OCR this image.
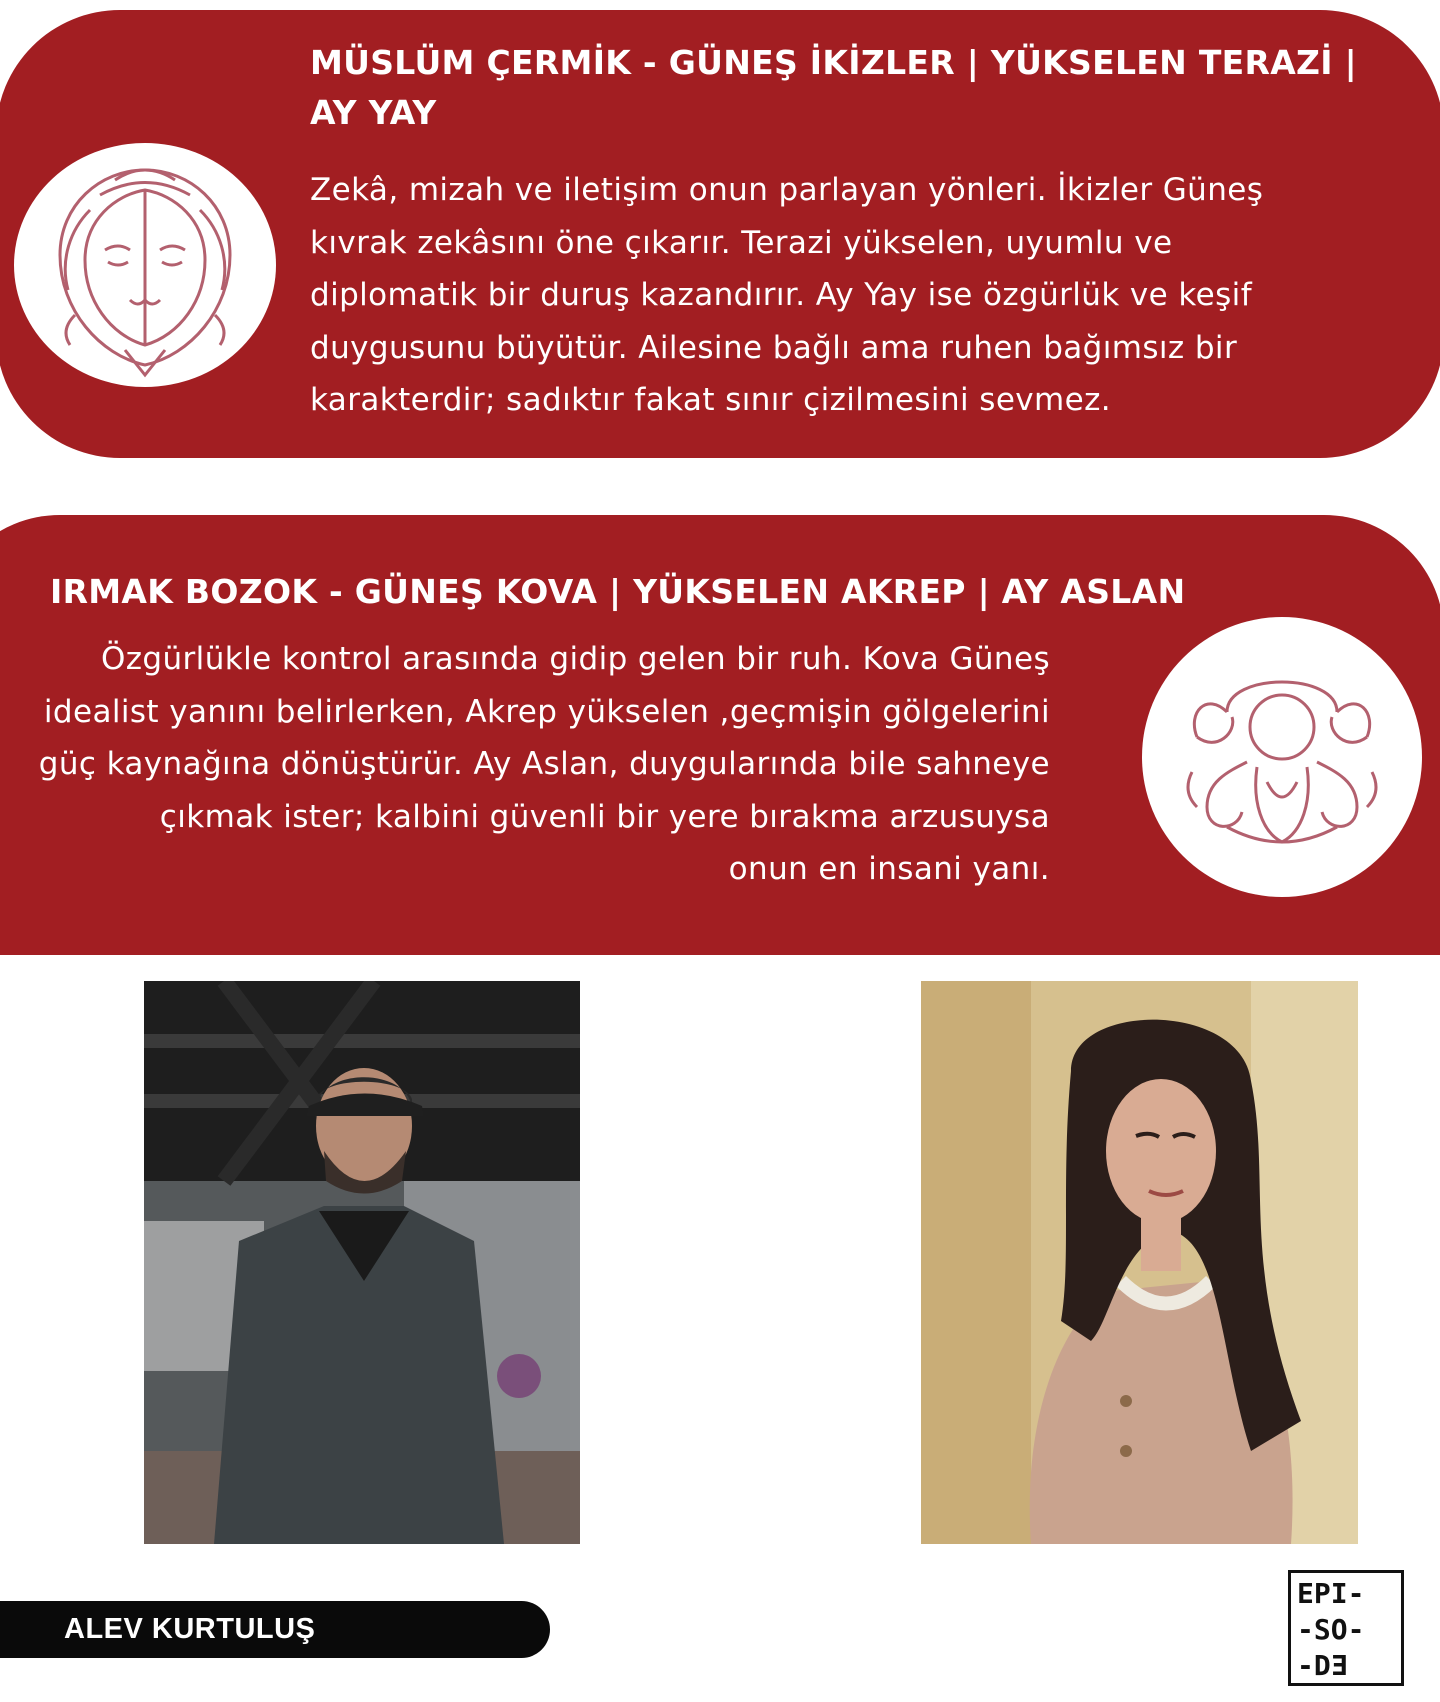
MÜSLÜM ÇERMİK - GÜNEŞ İKİZLER | YÜKSELEN TERAZİ | AY YAY

Zekâ, mizah ve iletişim onun parlayan yönleri. İkizler Güneş kıvrak zekâsını öne çıkarır. Terazi yükselen, uyumlu ve diplomatik bir duruş kazandırır. Ay Yay ise özgürlük ve keşif duygusunu büyütür. Ailesine bağlı ama ruhen bağımsız bir karakterdir; sadıktır fakat sınır çizilmesini sevmez.

IRMAK BOZOK - GÜNEŞ KOVA | YÜKSELEN AKREP | AY ASLAN

Özgürlükle kontrol arasında gidip gelen bir ruh. Kova Güneş
idealist yanını belirlerken, Akrep yükselen ,geçmişin gölgelerini
güç kaynağına dönüştürür. Ay Aslan, duygularında bile sahneye
çıkmak ister; kalbini güvenli bir yere bırakma arzusuysa
onun en insani yanı.
ALEV KURTULUŞ
EPI-
-SO-
-DƎ
